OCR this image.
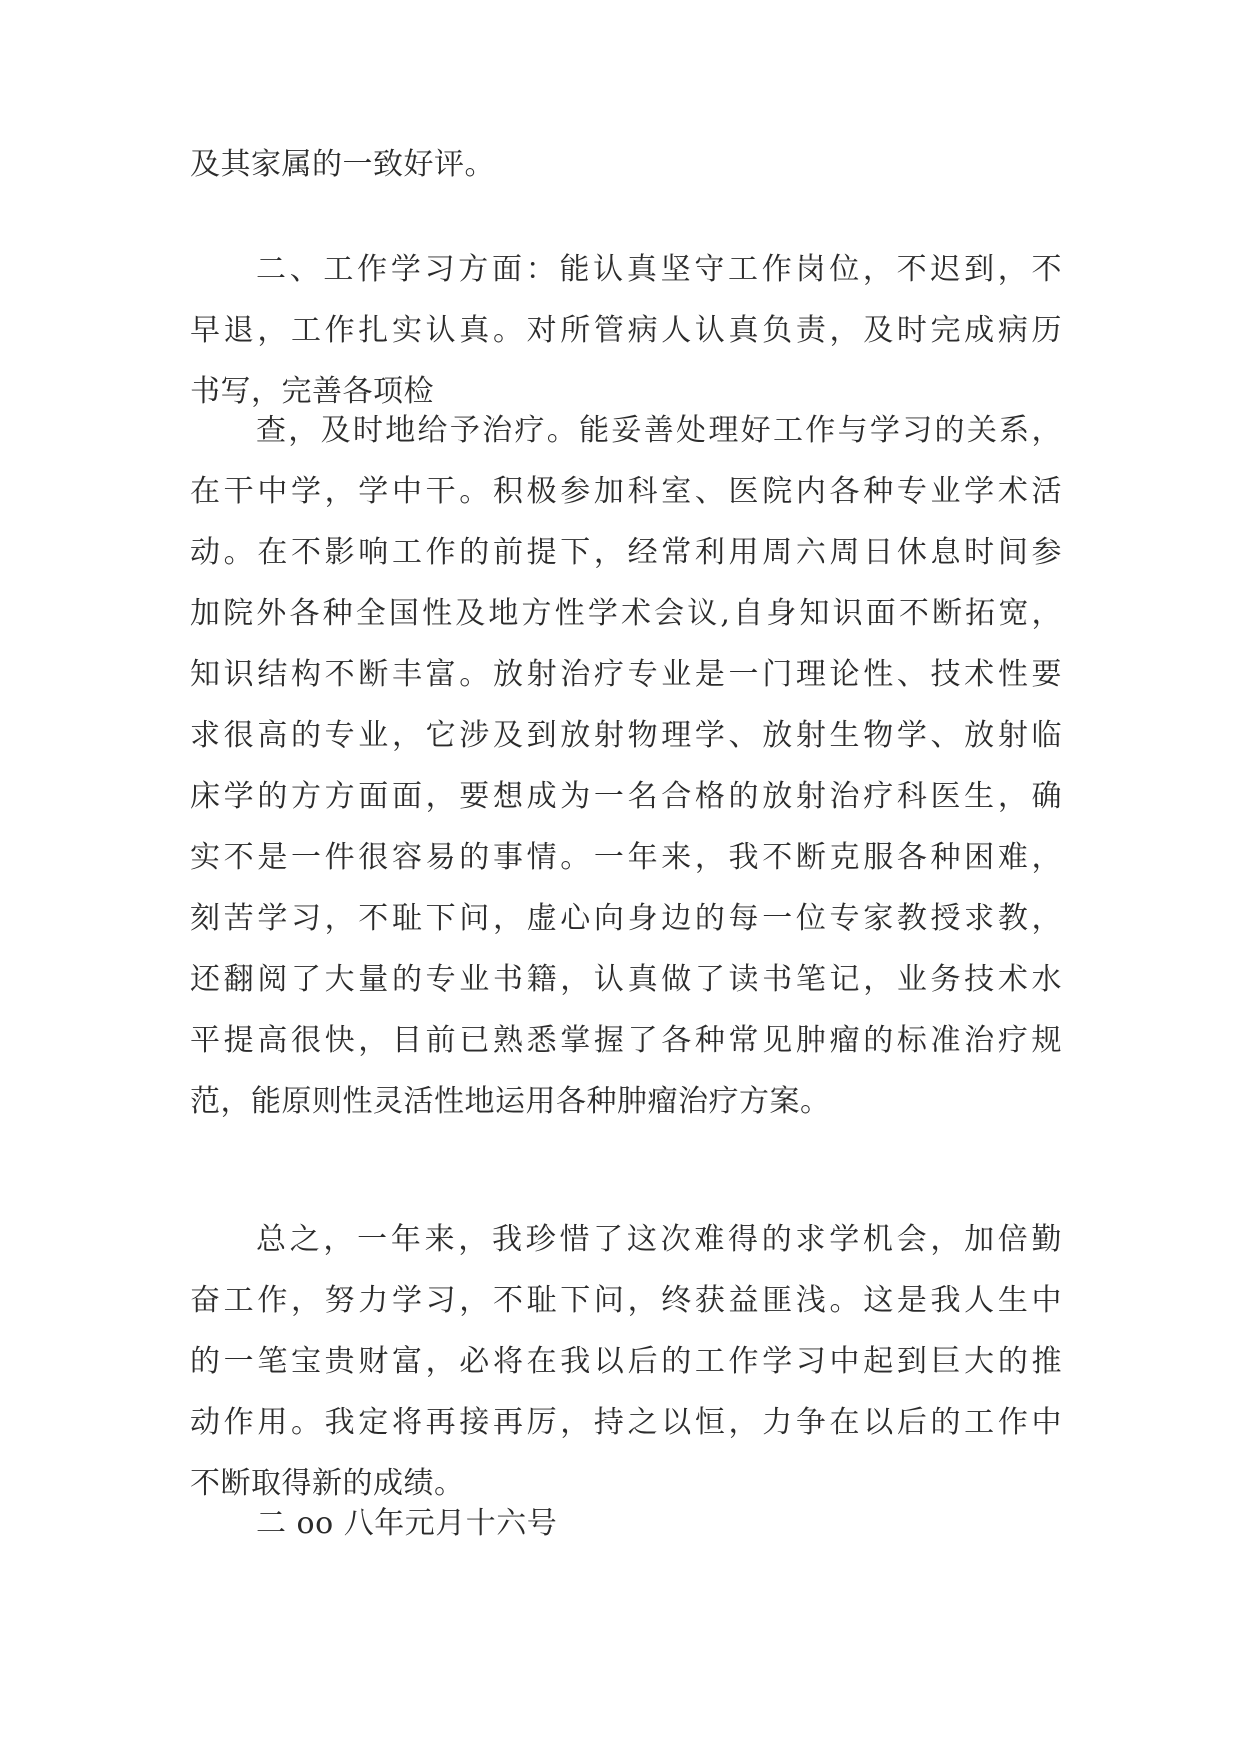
及其家属的一致好评。
二、工作学习方面：能认真坚守工作岗位，不迟到，不
早退，工作扎实认真。对所管病人认真负责，及时完成病历
书写，完善各项检
查，及时地给予治疗。能妥善处理好工作与学习的关系，
在干中学，学中干。积极参加科室、医院内各种专业学术活
动。在不影响工作的前提下，经常利用周六周日休息时间参
加院外各种全国性及地方性学术会议,自身知识面不断拓宽，
知识结构不断丰富。放射治疗专业是一门理论性、技术性要
求很高的专业，它涉及到放射物理学、放射生物学、放射临
床学的方方面面，要想成为一名合格的放射治疗科医生，确
实不是一件很容易的事情。一年来，我不断克服各种困难，
刻苦学习，不耻下问，虚心向身边的每一位专家教授求教，
还翻阅了大量的专业书籍，认真做了读书笔记，业务技术水
平提高很快，目前已熟悉掌握了各种常见肿瘤的标准治疗规
范，能原则性灵活性地运用各种肿瘤治疗方案。
总之，一年来，我珍惜了这次难得的求学机会，加倍勤
奋工作，努力学习，不耻下问，终获益匪浅。这是我人生中
的一笔宝贵财富，必将在我以后的工作学习中起到巨大的推
动作用。我定将再接再厉，持之以恒，力争在以后的工作中
不断取得新的成绩。
二 oo 八年元月十六号
